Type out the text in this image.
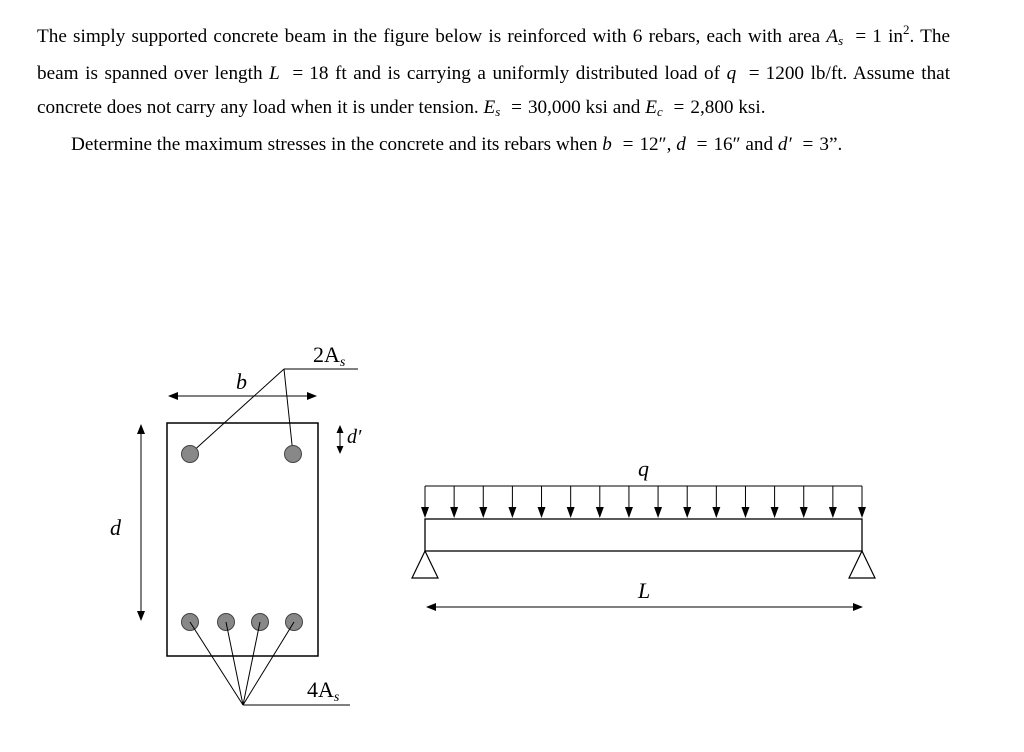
The simply supported concrete beam in the figure below is reinforced with 6 rebars, each with area $A_s = 1$ $in^2$. The beam is spanned over length L = 18 ft and is carrying a uniformly distributed load of q = 1200 lb/ft. Assume that concrete does not carry any load when it is under tension. $E_s = 30,000$ ksi and $E_c = 2,800$ ksi.

Determine the maximum stresses in the concrete and its rebars when b = 12″, d = 16″ and d′ = 3”.

b
2As
d′
d
4As
q
L
